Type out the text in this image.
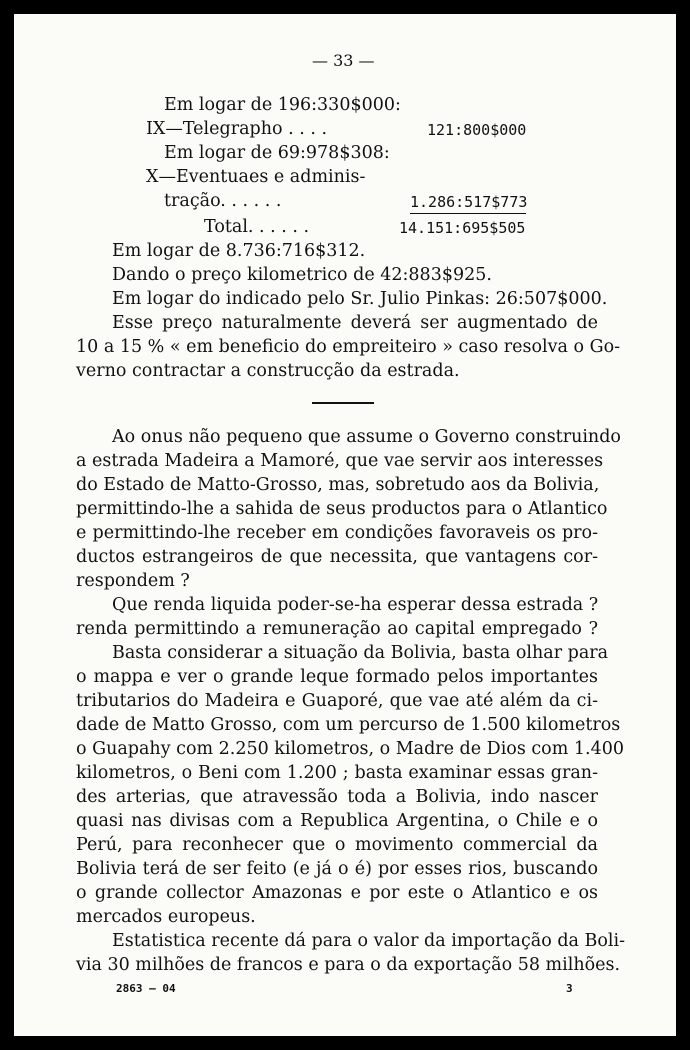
— 33 —
Em logar de 196:330$000:
IX—Telegrapho . . . .	121:800$000
Em logar de 69:978$308:
X—Eventuaes e adminis-
tração. . . . . .	1.286:517$773
Total. . . . . .	14.151:695$505
Em logar de 8.736:716$312.
Dando o preço kilometrico de 42:883$925.
Em logar do indicado pelo Sr. Julio Pinkas: 26:507$000.
Esse preço naturalmente deverá ser augmentado de
10 a 15 % « em beneficio do empreiteiro » caso resolva o Go-
verno contractar a construcção da estrada.
Ao onus não pequeno que assume o Governo construindo
a estrada Madeira a Mamoré, que vae servir aos interesses
do Estado de Matto-Grosso, mas, sobretudo aos da Bolivia,
permittindo-lhe a sahida de seus productos para o Atlantico
e permittindo-lhe receber em condições favoraveis os pro-
ductos estrangeiros de que necessita, que vantagens cor-
respondem ?
Que renda liquida poder-se-ha esperar dessa estrada ?
renda permittindo a remuneração ao capital empregado ?
Basta considerar a situação da Bolivia, basta olhar para
o mappa e ver o grande leque formado pelos importantes
tributarios do Madeira e Guaporé, que vae até além da ci-
dade de Matto Grosso, com um percurso de 1.500 kilometros
o Guapahy com 2.250 kilometros, o Madre de Dios com 1.400
kilometros, o Beni com 1.200 ; basta examinar essas gran-
des arterias, que atravessão toda a Bolivia, indo nascer
quasi nas divisas com a Republica Argentina, o Chile e o
Perú, para reconhecer que o movimento commercial da
Bolivia terá de ser feito (e já o é) por esses rios, buscando
o grande collector Amazonas e por este o Atlantico e os
mercados europeus.
Estatistica recente dá para o valor da importação da Boli-
via 30 milhões de francos e para o da exportação 58 milhões.
2863 — 04	3
